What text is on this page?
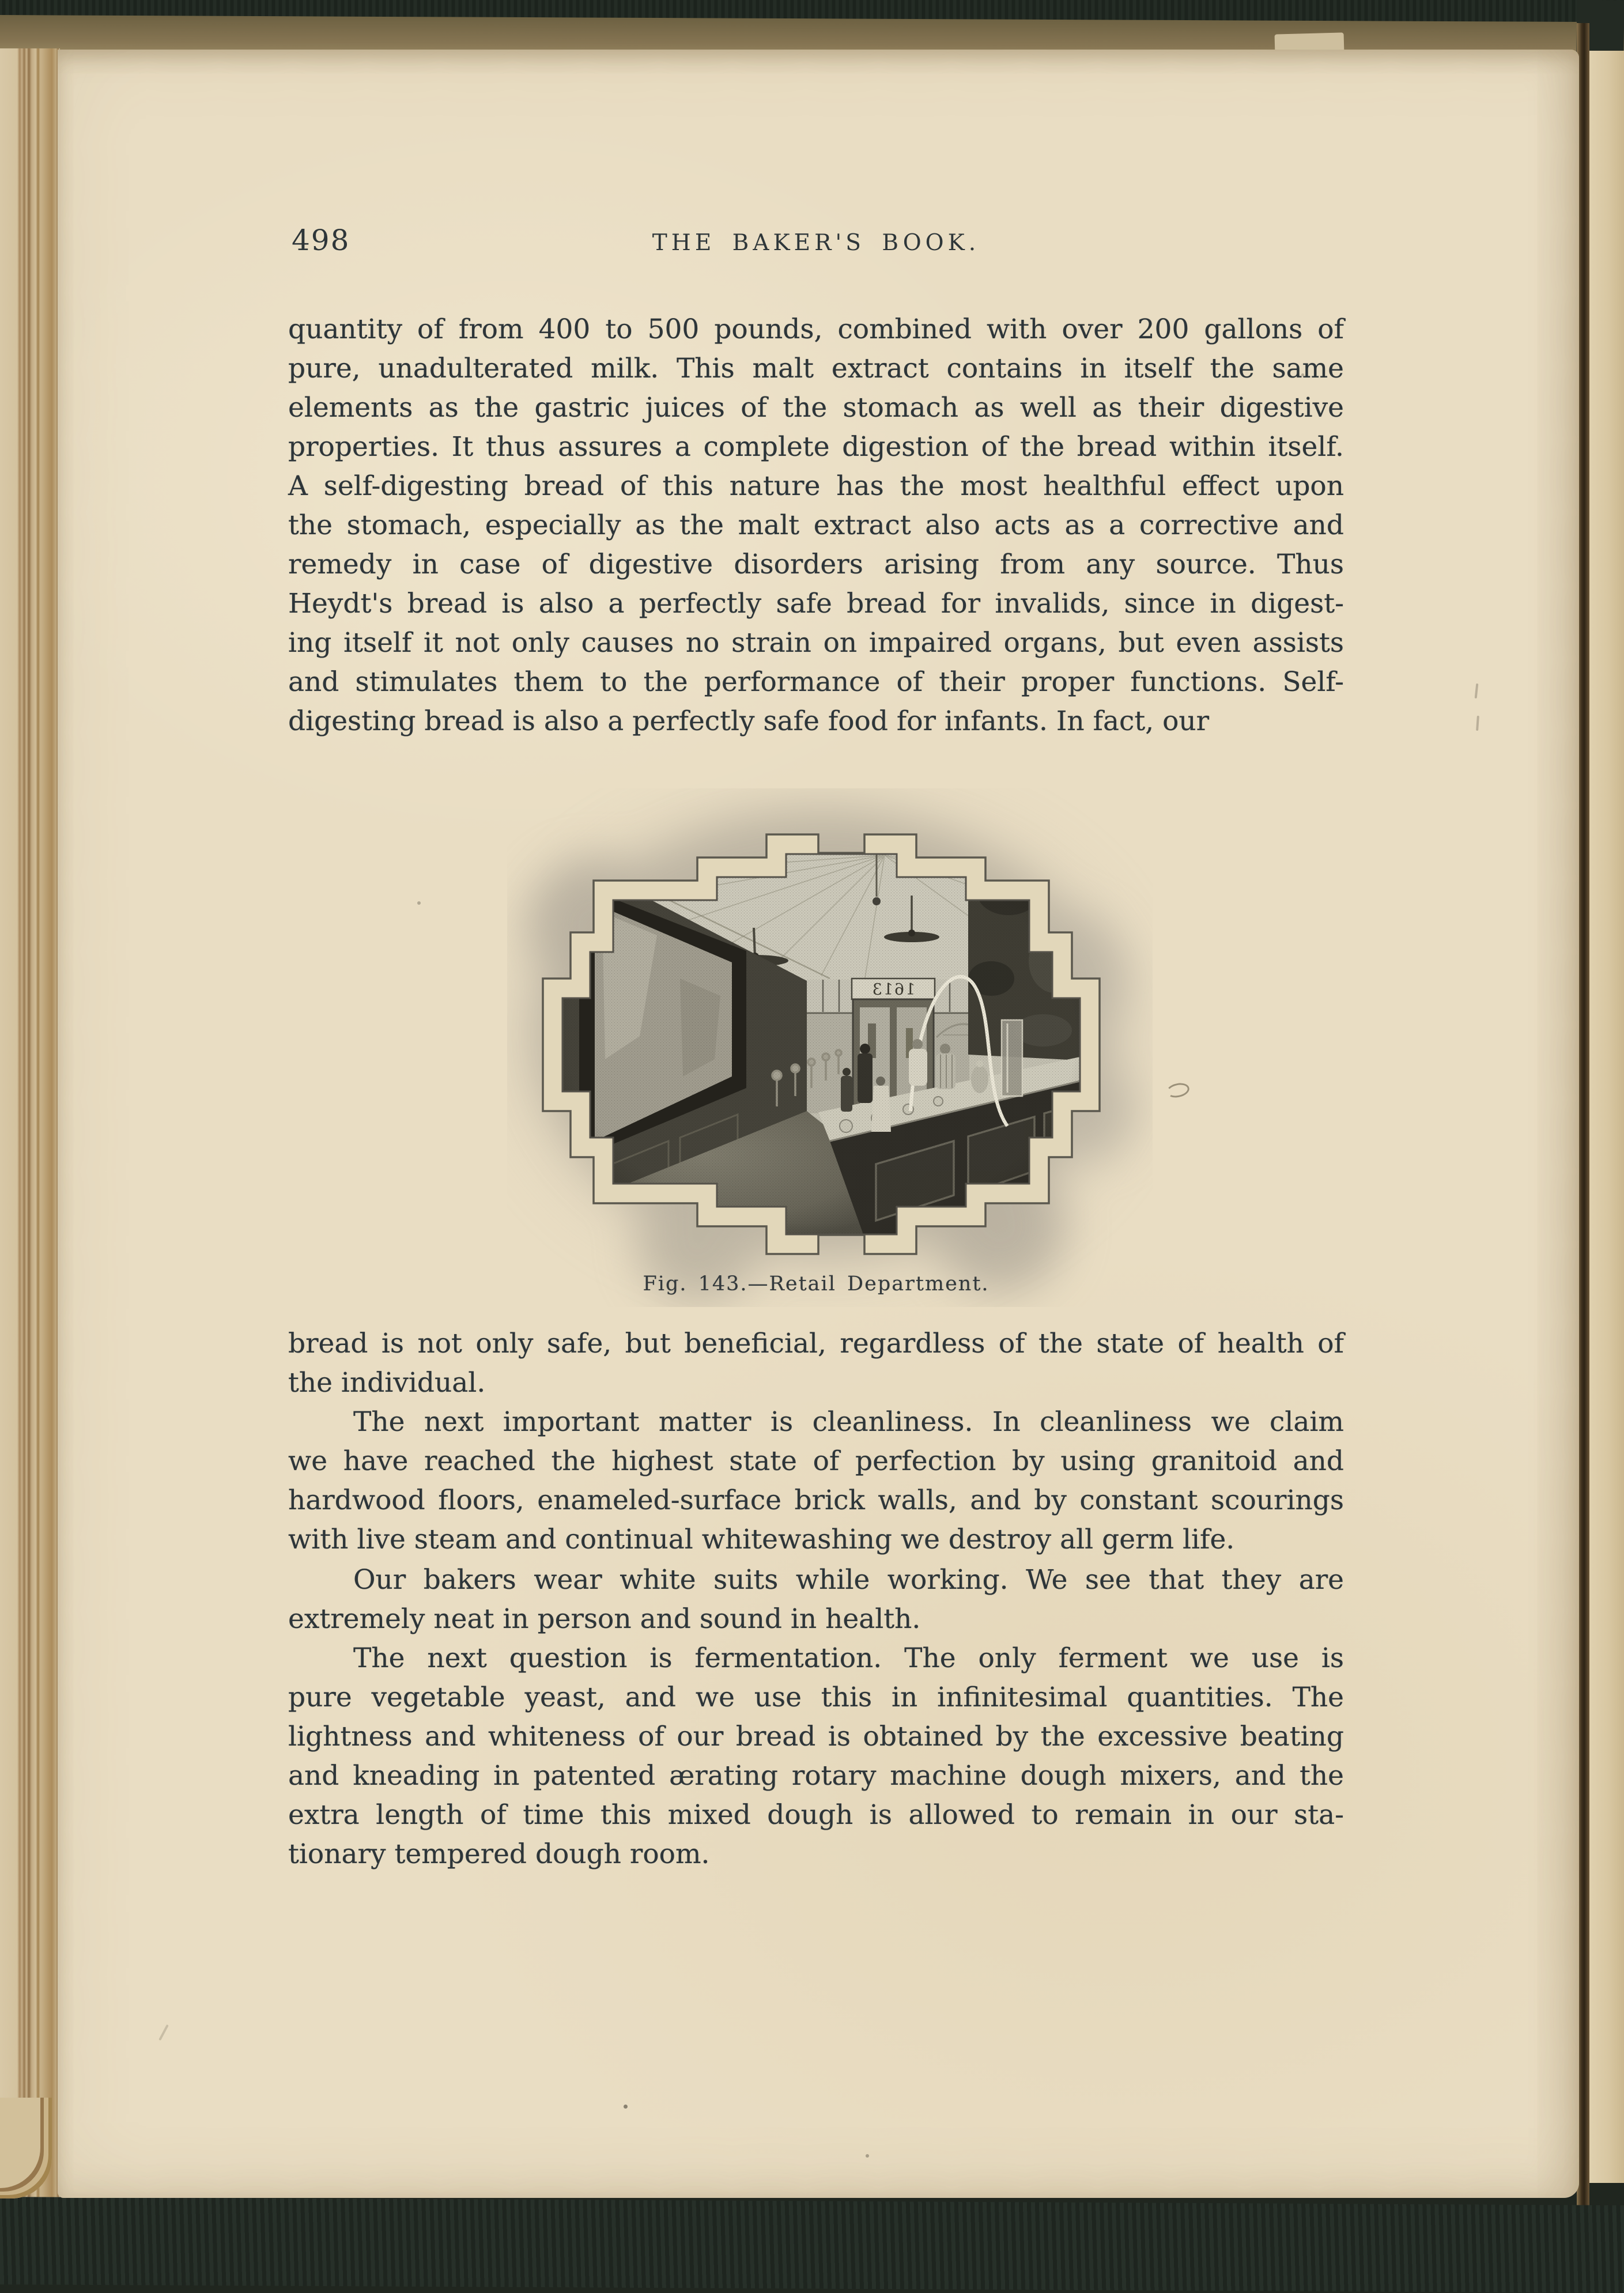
498	THE BAKER'S BOOK.
quantity of from 400 to 500 pounds, combined with over 200 gallons of
pure, unadulterated milk. This malt extract contains in itself the same
elements as the gastric juices of the stomach as well as their digestive
properties. It thus assures a complete digestion of the bread within itself.
A self-digesting bread of this nature has the most healthful effect upon
the stomach, especially as the malt extract also acts as a corrective and
remedy in case of digestive disorders arising from any source. Thus
Heydt's bread is also a perfectly safe bread for invalids, since in digest-
ing itself it not only causes no strain on impaired organs, but even assists
and stimulates them to the performance of their proper functions. Self-
digesting bread is also a perfectly safe food for infants. In fact, our
bread is not only safe, but beneficial, regardless of the state of health of
the individual.
The next important matter is cleanliness. In cleanliness we claim
we have reached the highest state of perfection by using granitoid and
hardwood floors, enameled-surface brick walls, and by constant scourings
with live steam and continual whitewashing we destroy all germ life.
Our bakers wear white suits while working. We see that they are
extremely neat in person and sound in health.
The next question is fermentation. The only ferment we use is
pure vegetable yeast, and we use this in infinitesimal quantities. The
lightness and whiteness of our bread is obtained by the excessive beating
and kneading in patented ærating rotary machine dough mixers, and the
extra length of time this mixed dough is allowed to remain in our sta-
tionary tempered dough room.
Fig. 143.—Retail Department.
